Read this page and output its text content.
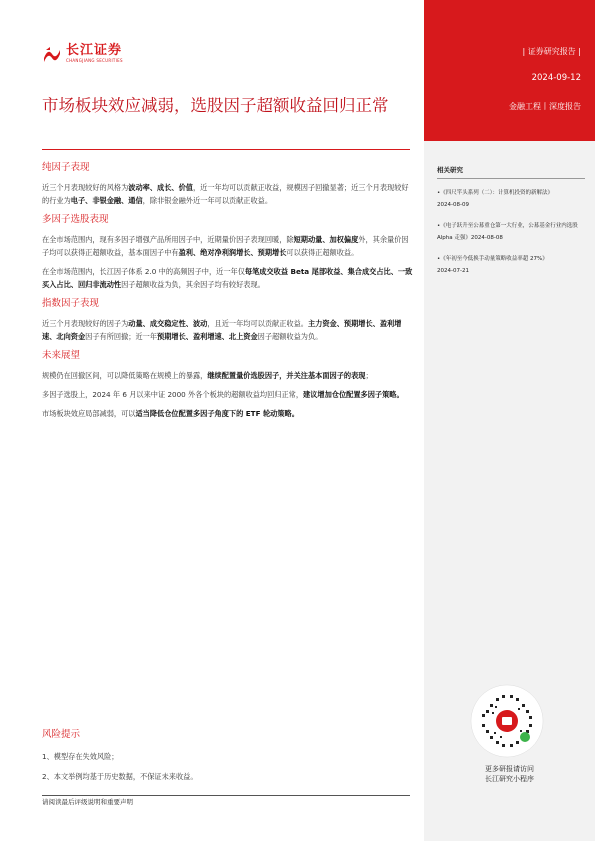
| 证券研究报告 |
2024-09-12
金融工程丨深度报告
长江证券
CHANGJIANG SECURITIES
市场板块效应减弱，选股因子超额收益回归正常
纯因子表现
近三个月表现较好的风格为波动率、成长、价值，近一年均可以贡献正收益，规模因子回撤显著；近三个月表现较好的行业为电子、非银金融、通信，除非银金融外近一年可以贡献正收益。
多因子选股表现
在全市场范围内，现有多因子增强产品所用因子中，近期量价因子表现回暖，除短期动量、加权偏度外，其余量价因子均可以获得正超额收益，基本面因子中有盈利、绝对净利润增长、预期增长可以获得正超额收益。
在全市场范围内，长江因子体系 2.0 中的高频因子中，近一年仅每笔成交收益 Beta 尾部收益、集合成交占比、一致买入占比、回归非流动性因子超额收益为负，其余因子均有较好表现。
指数因子表现
近三个月表现较好的因子为动量、成交稳定性、波动，且近一年均可以贡献正收益。主力资金、预期增长、盈利增速、北向资金因子有所回撤；近一年预期增长、盈利增速、北上资金因子超额收益为负。
未来展望
规模仍在回撤区间，可以降低策略在规模上的暴露，继续配置量价选股因子，并关注基本面因子的表现；
多因子选股上，2024 年 6 月以来中证 2000 外各个板块的超额收益均回归正常，建议增加仓位配置多因子策略。
市场板块效应局部减弱，可以适当降低仓位配置多因子角度下的 ETF 轮动策略。
风险提示
1、模型存在失效风险；
2、本文举例均基于历史数据，不保证未来收益。
请阅读最后评级说明和重要声明
相关研究
•《四尺竿头系列（二）：计算机投资的新解法》
2024-08-09
•《电子跃升至公募重仓第一大行业，公募基金行业内选股 Alpha 走强》2024-08-08
•《年初至今低换手动量策略收益率超 27%》
2024-07-21
更多研报请访问
长江研究小程序
